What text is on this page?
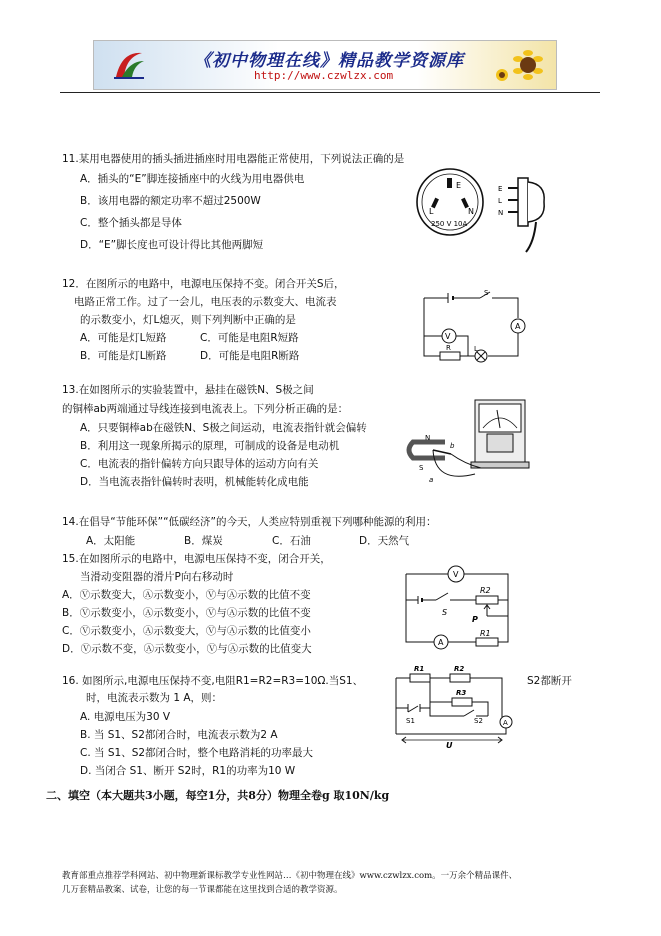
《初中物理在线》精品教学资源库
http://www.czwlzx.com
11.某用电器使用的插头插进插座时用电器能正常使用，下列说法正确的是
A．插头的“E”脚连接插座中的火线为用电器供电
B．该用电器的额定功率不超过2500W
C．整个插头都是导体
D．“E”脚长度也可设计得比其他两脚短
E
L	N
250 V 10A
E
L
N
12．在图所示的电路中，电源电压保持不变。闭合开关S后，
电路正常工作。过了一会儿，电压表的示数变大、电流表
的示数变小，灯L熄灭，则下列判断中正确的是
A．可能是灯L短路	C．可能是电阻R短路
B．可能是灯L断路	D．可能是电阻R断路
S
V
A
R	L
13.在如图所示的实验装置中，悬挂在磁铁N、S极之间
的铜棒ab两端通过导线连接到电流表上。下列分析正确的是：
A．只要铜棒ab在磁铁N、S极之间运动，电流表指针就会偏转
B．利用这一现象所揭示的原理，可制成的设备是电动机
C．电流表的指针偏转方向只跟导体的运动方向有关
D．当电流表指针偏转时表明，机械能转化成电能
N
S
a
b
14.在倡导“节能环保”“低碳经济”的今天，人类应特别重视下列哪种能源的利用：
A．太阳能	B．煤炭	C．石油	D．天然气
15.在如图所示的电路中，电源电压保持不变，闭合开关，
当滑动变阻器的滑片P向右移动时
A．Ⓥ示数变大，Ⓐ示数变小，Ⓥ与Ⓐ示数的比值不变
B．Ⓥ示数变小，Ⓐ示数变小，Ⓥ与Ⓐ示数的比值不变
C．Ⓥ示数变小，Ⓐ示数变大，Ⓥ与Ⓐ示数的比值变小
D．Ⓥ示数不变，Ⓐ示数变小，Ⓥ与Ⓐ示数的比值变大
V
A
S
P
R2
R1
16. 如图所示,电源电压保持不变,电阻R1=R2=R3=10Ω.当S1、	S2都断开
时，电流表示数为 1 A，则：
A. 电源电压为30 V
B. 当 S1、S2都闭合时，电流表示数为2 A
C. 当 S1、S2都闭合时，整个电路消耗的功率最大
D. 当闭合 S1、断开 S2时，R1的功率为10 W
R1	R2
R3
S1	S2	A
U
二、填空（本大题共3小题，每空1分，共8分）物理全卷g 取10N/kg
教育部重点推荐学科网站、初中物理新课标教学专业性网站…《初中物理在线》www.czwlzx.com。一万余个精品课件、
几万套精品教案、试卷，让您的每一节课都能在这里找到合适的教学资源。
